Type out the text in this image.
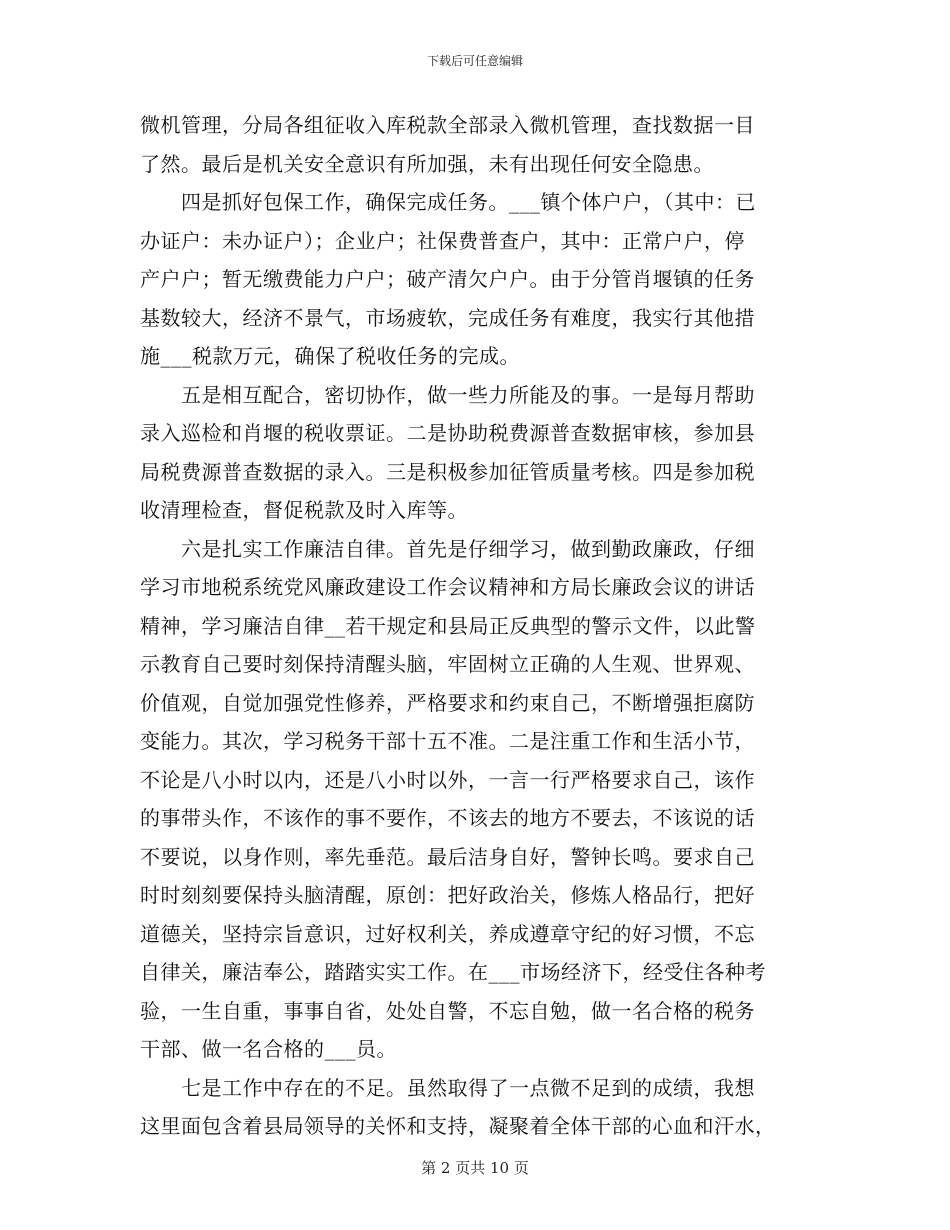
下载后可任意编辑
微机管理，分局各组征收入库税款全部录入微机管理，查找数据一目
了然。最后是机关安全意识有所加强，未有出现任何安全隐患。
　　四是抓好包保工作，确保完成任务。___镇个体户户，（其中：已
办证户：未办证户）；企业户；社保费普查户，其中：正常户户，停
产户户；暂无缴费能力户户；破产清欠户户。由于分管肖堰镇的任务
基数较大，经济不景气，市场疲软，完成任务有难度，我实行其他措
施___税款万元，确保了税收任务的完成。
　　五是相互配合，密切协作，做一些力所能及的事。一是每月帮助
录入巡检和肖堰的税收票证。二是协助税费源普查数据审核，参加县
局税费源普查数据的录入。三是积极参加征管质量考核。四是参加税
收清理检查，督促税款及时入库等。
　　六是扎实工作廉洁自律。首先是仔细学习，做到勤政廉政，仔细
学习市地税系统党风廉政建设工作会议精神和方局长廉政会议的讲话
精神，学习廉洁自律__若干规定和县局正反典型的警示文件，以此警
示教育自己要时刻保持清醒头脑，牢固树立正确的人生观、世界观、
价值观，自觉加强党性修养，严格要求和约束自己，不断增强拒腐防
变能力。其次，学习税务干部十五不准。二是注重工作和生活小节，
不论是八小时以内，还是八小时以外，一言一行严格要求自己，该作
的事带头作，不该作的事不要作，不该去的地方不要去，不该说的话
不要说，以身作则，率先垂范。最后洁身自好，警钟长鸣。要求自己
时时刻刻要保持头脑清醒，原创：把好政治关，修炼人格品行，把好
道德关，坚持宗旨意识，过好权利关，养成遵章守纪的好习惯，不忘
自律关，廉洁奉公，踏踏实实工作。在___市场经济下，经受住各种考
验，一生自重，事事自省，处处自警，不忘自勉，做一名合格的税务
干部、做一名合格的___员。
　　七是工作中存在的不足。虽然取得了一点微不足到的成绩，我想
这里面包含着县局领导的关怀和支持，凝聚着全体干部的心血和汗水，
第 2 页共 10 页
